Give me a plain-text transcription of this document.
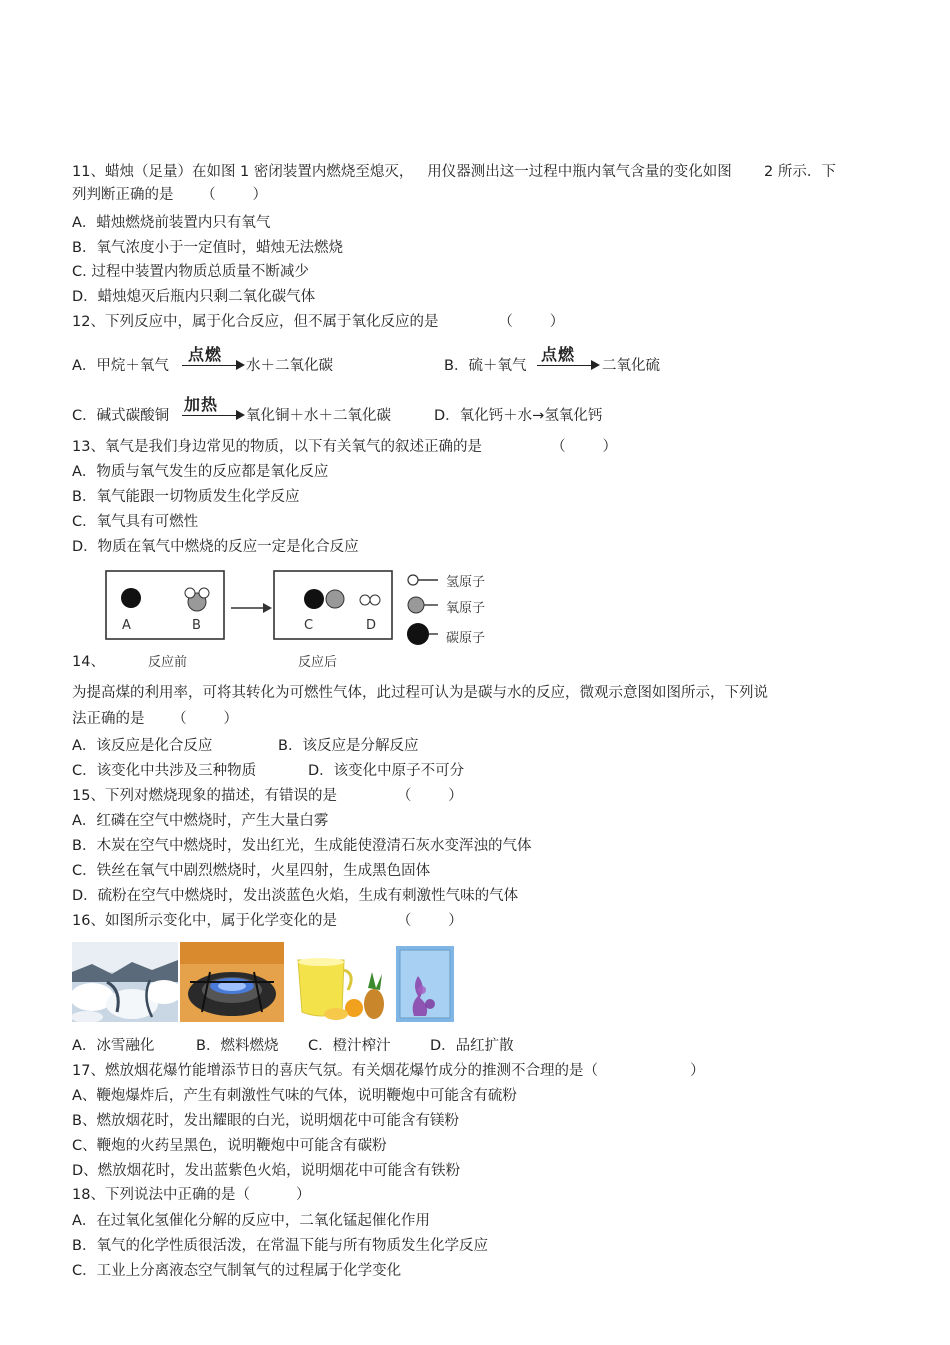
11、蜡烛（足量）在如图 1 密闭装置内燃烧至熄灭，   用仪器测出这一过程中瓶内氧气含量的变化如图       2 所示．下
列判断正确的是      （        ）
A．蜡烛燃烧前装置内只有氧气
B．氧气浓度小于一定值时，蜡烛无法燃烧
C. 过程中装置内物质总质量不断减少
D．蜡烛熄灭后瓶内只剩二氧化碳气体
12、下列反应中，属于化合反应，但不属于氧化反应的是             （        ）
A．甲烷＋氧气
点燃
水＋二氧化碳	B．硫＋氧气
点燃
二氧化硫
C．碱式碳酸铜
加热
氧化铜＋水＋二氧化碳	D．氧化钙＋水→氢氧化钙
13、氧气是我们身边常见的物质，以下有关氧气的叙述正确的是               （        ）
A．物质与氧气发生的反应都是氧化反应
B．氧气能跟一切物质发生化学反应
C．氧气具有可燃性
D．物质在氧气中燃烧的反应一定是化合反应
A	B	C	D
氢原子
氧原子
碳原子
反应前	反应后
14、
为提高煤的利用率，可将其转化为可燃性气体，此过程可认为是碳与水的反应，微观示意图如图所示，下列说
法正确的是      （        ）
A．该反应是化合反应	B．该反应是分解反应
C．该变化中共涉及三种物质	D．该变化中原子不可分
15、下列对燃烧现象的描述，有错误的是             （        ）
A．红磷在空气中燃烧时，产生大量白雾
B．木炭在空气中燃烧时，发出红光，生成能使澄清石灰水变浑浊的气体
C．铁丝在氧气中剧烈燃烧时，火星四射，生成黑色固体
D．硫粉在空气中燃烧时，发出淡蓝色火焰，生成有刺激性气味的气体
16、如图所示变化中，属于化学变化的是             （        ）
A．冰雪融化	B．燃料燃烧 C．橙汁榨汁	D．品红扩散
17、燃放烟花爆竹能增添节日的喜庆气氛。有关烟花爆竹成分的推测不合理的是（                    ）
A、鞭炮爆炸后，产生有刺激性气味的气体，说明鞭炮中可能含有硫粉
B、燃放烟花时，发出耀眼的白光，说明烟花中可能含有镁粉
C、鞭炮的火药呈黑色，说明鞭炮中可能含有碳粉
D、燃放烟花时，发出蓝紫色火焰，说明烟花中可能含有铁粉
18、下列说法中正确的是（          ）
A．在过氧化氢催化分解的反应中，二氧化锰起催化作用
B．氧气的化学性质很活泼，在常温下能与所有物质发生化学反应
C．工业上分离液态空气制氧气的过程属于化学变化
